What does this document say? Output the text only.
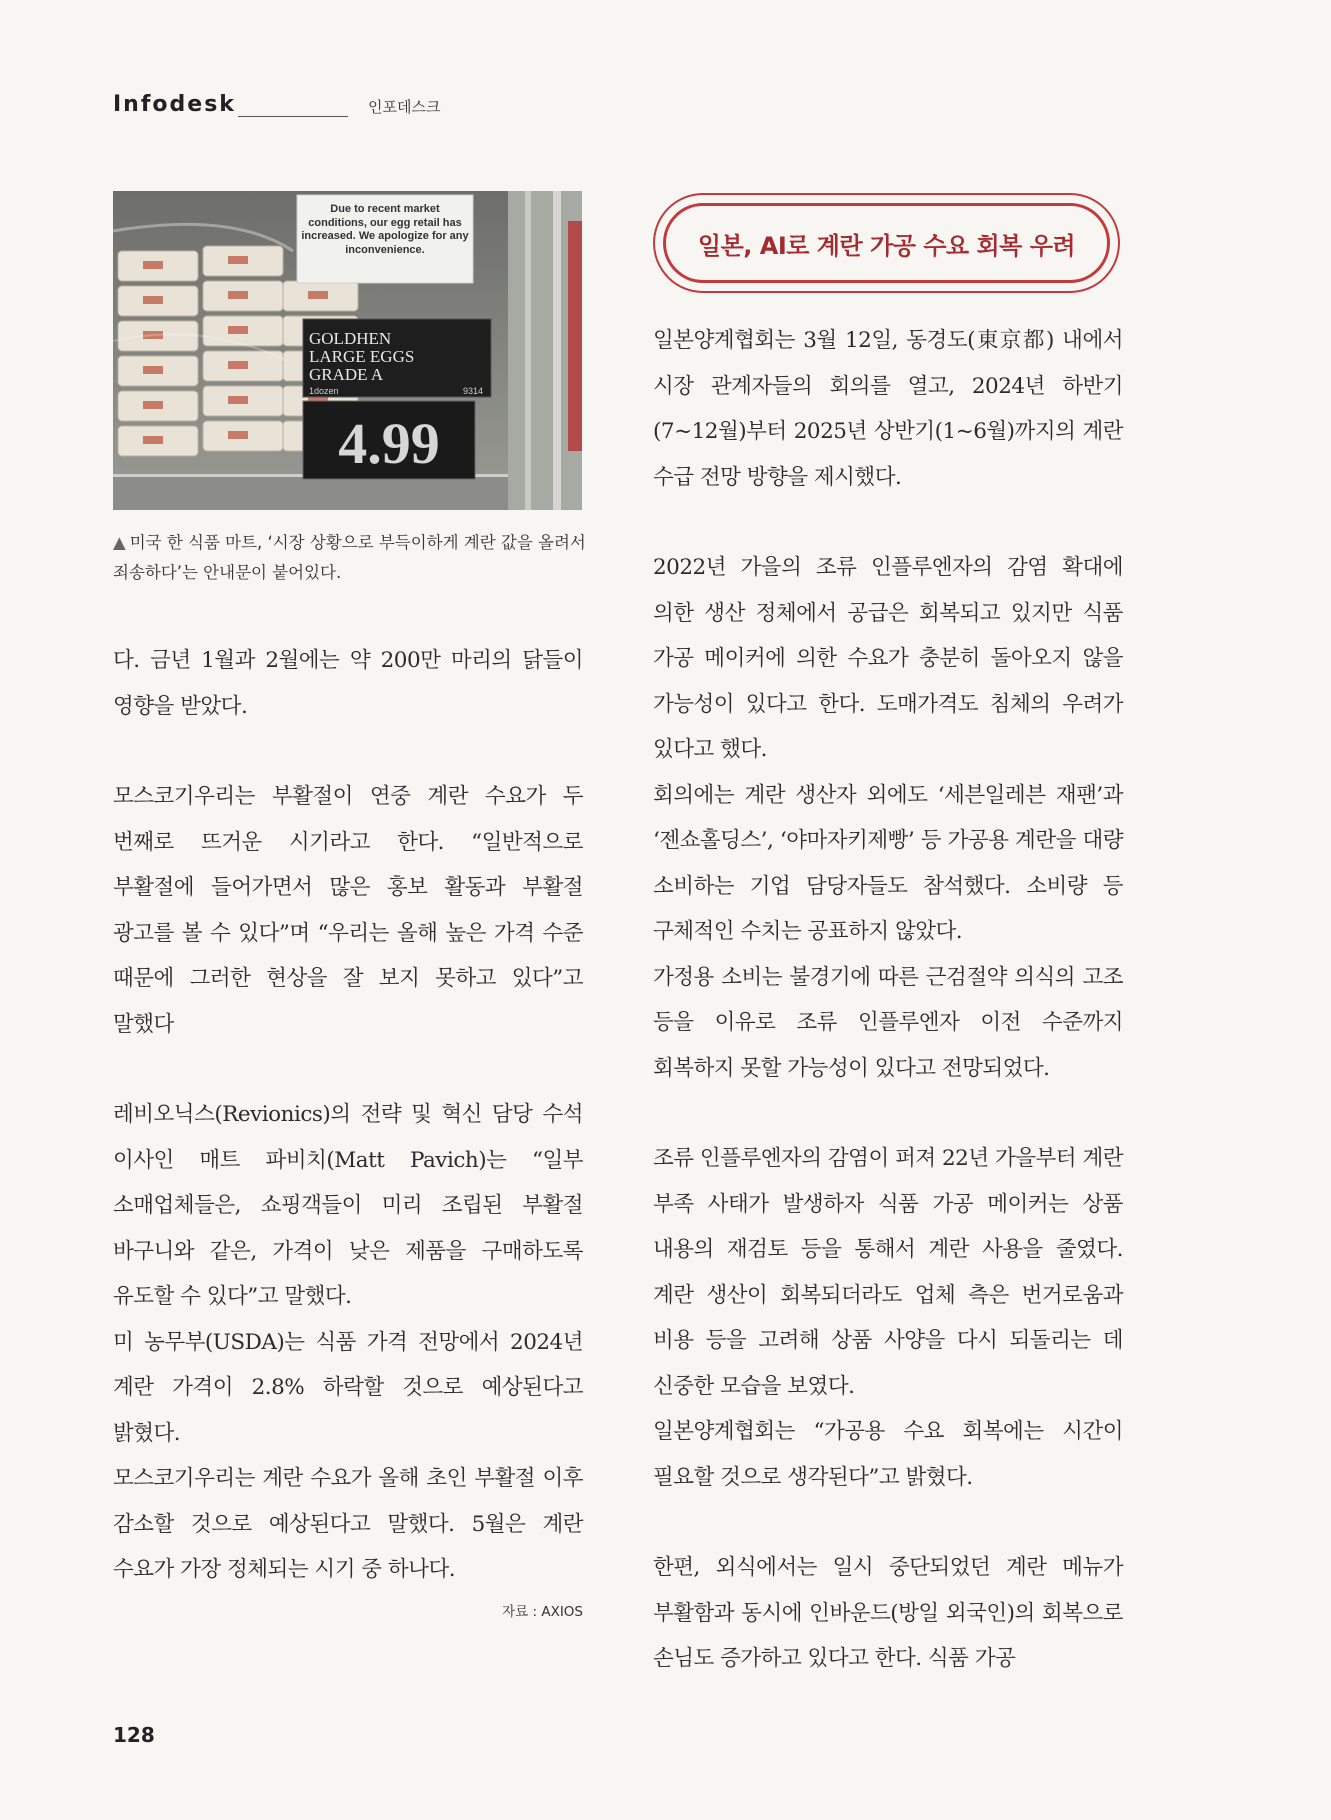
Infodesk	인포데스크
Due to recent market conditions, our egg retail has increased. We apologize for any inconvenience.
GOLDHEN
LARGE EGGS
GRADE A
1dozen	9314
4.99
▲ 미국 한 식품 마트, ‘시장 상황으로 부득이하게 계란 값을 올려서 죄송하다’는 안내문이 붙어있다.

다. 금년 1월과 2월에는 약 200만 마리의 닭들이 영향을 받았다.

모스코기우리는 부활절이 연중 계란 수요가 두 번째로 뜨거운 시기라고 한다. “일반적으로 부활절에 들어가면서 많은 홍보 활동과 부활절 광고를 볼 수 있다”며 “우리는 올해 높은 가격 수준 때문에 그러한 현상을 잘 보지 못하고 있다”고 말했다

레비오닉스(Revionics)의 전략 및 혁신 담당 수석 이사인 매트 파비치(Matt Pavich)는 “일부 소매업체들은, 쇼핑객들이 미리 조립된 부활절 바구니와 같은, 가격이 낮은 제품을 구매하도록 유도할 수 있다”고 말했다.

미 농무부(USDA)는 식품 가격 전망에서 2024년 계란 가격이 2.8% 하락할 것으로 예상된다고 밝혔다.

모스코기우리는 계란 수요가 올해 초인 부활절 이후 감소할 것으로 예상된다고 말했다. 5월은 계란 수요가 가장 정체되는 시기 중 하나다.

자료 : AXIOS
일본, AI로 계란 가공 수요 회복 우려

일본양계협회는 3월 12일, 동경도(東京都) 내에서 시장 관계자들의 회의를 열고, 2024년 하반기(7~12월)부터 2025년 상반기(1~6월)까지의 계란 수급 전망 방향을 제시했다.

2022년 가을의 조류 인플루엔자의 감염 확대에 의한 생산 정체에서 공급은 회복되고 있지만 식품 가공 메이커에 의한 수요가 충분히 돌아오지 않을 가능성이 있다고 한다. 도매가격도 침체의 우려가 있다고 했다.

회의에는 계란 생산자 외에도 ‘세븐일레븐 재팬’과 ‘젠쇼홀딩스’, ‘야마자키제빵’ 등 가공용 계란을 대량 소비하는 기업 담당자들도 참석했다. 소비량 등 구체적인 수치는 공표하지 않았다.

가정용 소비는 불경기에 따른 근검절약 의식의 고조 등을 이유로 조류 인플루엔자 이전 수준까지 회복하지 못할 가능성이 있다고 전망되었다.

조류 인플루엔자의 감염이 퍼져 22년 가을부터 계란 부족 사태가 발생하자 식품 가공 메이커는 상품 내용의 재검토 등을 통해서 계란 사용을 줄였다. 계란 생산이 회복되더라도 업체 측은 번거로움과 비용 등을 고려해 상품 사양을 다시 되돌리는 데 신중한 모습을 보였다.

일본양계협회는 “가공용 수요 회복에는 시간이 필요할 것으로 생각된다”고 밝혔다.

한편, 외식에서는 일시 중단되었던 계란 메뉴가 부활함과 동시에 인바운드(방일 외국인)의 회복으로 손님도 증가하고 있다고 한다. 식품 가공

128
